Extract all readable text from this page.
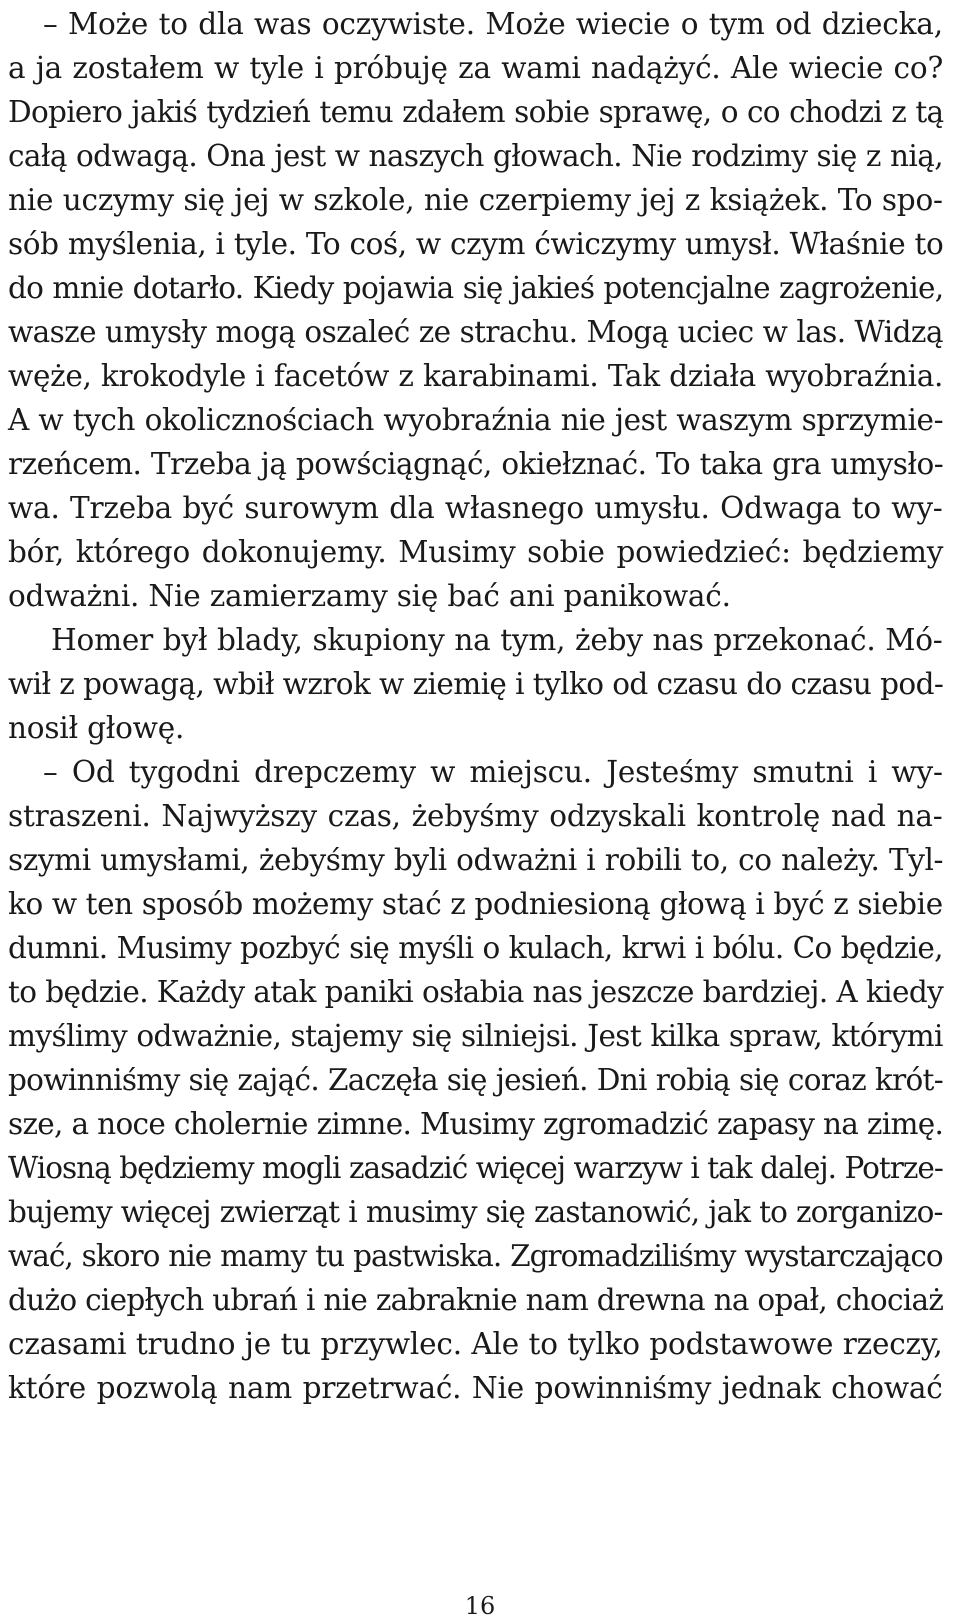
– Może to dla was oczywiste. Może wiecie o tym od dziecka,
a ja zostałem w tyle i próbuję za wami nadążyć. Ale wiecie co?
Dopiero jakiś tydzień temu zdałem sobie sprawę, o co chodzi z tą
całą odwagą. Ona jest w naszych głowach. Nie rodzimy się z nią,
nie uczymy się jej w szkole, nie czerpiemy jej z książek. To spo-
sób myślenia, i tyle. To coś, w czym ćwiczymy umysł. Właśnie to
do mnie dotarło. Kiedy pojawia się jakieś potencjalne zagrożenie,
wasze umysły mogą oszaleć ze strachu. Mogą uciec w las. Widzą
węże, krokodyle i facetów z karabinami. Tak działa wyobraźnia.
A w tych okolicznościach wyobraźnia nie jest waszym sprzymie-
rzeńcem. Trzeba ją powściągnąć, okiełznać. To taka gra umysło-
wa. Trzeba być surowym dla własnego umysłu. Odwaga to wy-
bór, którego dokonujemy. Musimy sobie powiedzieć: będziemy
odważni. Nie zamierzamy się bać ani panikować.
Homer był blady, skupiony na tym, żeby nas przekonać. Mó-
wił z powagą, wbił wzrok w ziemię i tylko od czasu do czasu pod-
nosił głowę.
– Od tygodni drepczemy w miejscu. Jesteśmy smutni i wy-
straszeni. Najwyższy czas, żebyśmy odzyskali kontrolę nad na-
szymi umysłami, żebyśmy byli odważni i robili to, co należy. Tyl-
ko w ten sposób możemy stać z podniesioną głową i być z siebie
dumni. Musimy pozbyć się myśli o kulach, krwi i bólu. Co będzie,
to będzie. Każdy atak paniki osłabia nas jeszcze bardziej. A kiedy
myślimy odważnie, stajemy się silniejsi. Jest kilka spraw, którymi
powinniśmy się zająć. Zaczęła się jesień. Dni robią się coraz krót-
sze, a noce cholernie zimne. Musimy zgromadzić zapasy na zimę.
Wiosną będziemy mogli zasadzić więcej warzyw i tak dalej. Potrze-
bujemy więcej zwierząt i musimy się zastanowić, jak to zorganizo-
wać, skoro nie mamy tu pastwiska. Zgromadziliśmy wystarczająco
dużo ciepłych ubrań i nie zabraknie nam drewna na opał, chociaż
czasami trudno je tu przywlec. Ale to tylko podstawowe rzeczy,
które pozwolą nam przetrwać. Nie powinniśmy jednak chować
16
